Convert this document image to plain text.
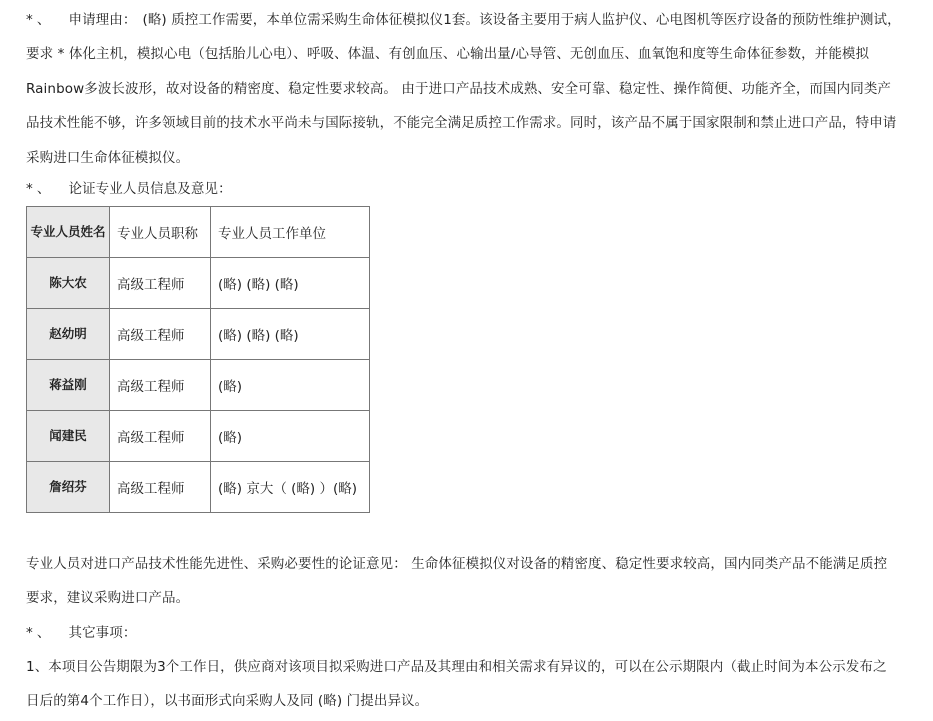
* 、 申请理由： (略) 质控工作需要，本单位需采购生命体征模拟仪1套。该设备主要用于病人监护仪、心电图机等医疗设备的预防性维护测试，
要求 * 体化主机，模拟心电（包括胎儿心电）、呼吸、体温、有创血压、心输出量/心导管、无创血压、血氧饱和度等生命体征参数，并能模拟
Rainbow多波长波形，故对设备的精密度、稳定性要求较高。 由于进口产品技术成熟、安全可靠、稳定性、操作简便、功能齐全，而国内同类产
品技术性能不够，许多领域目前的技术水平尚未与国际接轨，不能完全满足质控工作需求。同时，该产品不属于国家限制和禁止进口产品，特申请
采购进口生命体征模拟仪。
* 、 论证专业人员信息及意见：
专业人员姓名	专业人员职称	专业人员工作单位
陈大农	高级工程师	(略) (略) (略)
赵幼明	高级工程师	(略) (略) (略)
蒋益刚	高级工程师	(略)
闻建民	高级工程师	(略)
詹绍芬	高级工程师	(略) 京大（ (略) ）(略)
专业人员对进口产品技术性能先进性、采购必要性的论证意见： 生命体征模拟仪对设备的精密度、稳定性要求较高，国内同类产品不能满足质控
要求，建议采购进口产品。
* 、 其它事项：
1、本项目公告期限为3个工作日，供应商对该项目拟采购进口产品及其理由和相关需求有异议的，可以在公示期限内（截止时间为本公示发布之
日后的第4个工作日），以书面形式向采购人及同 (略) 门提出异议。
